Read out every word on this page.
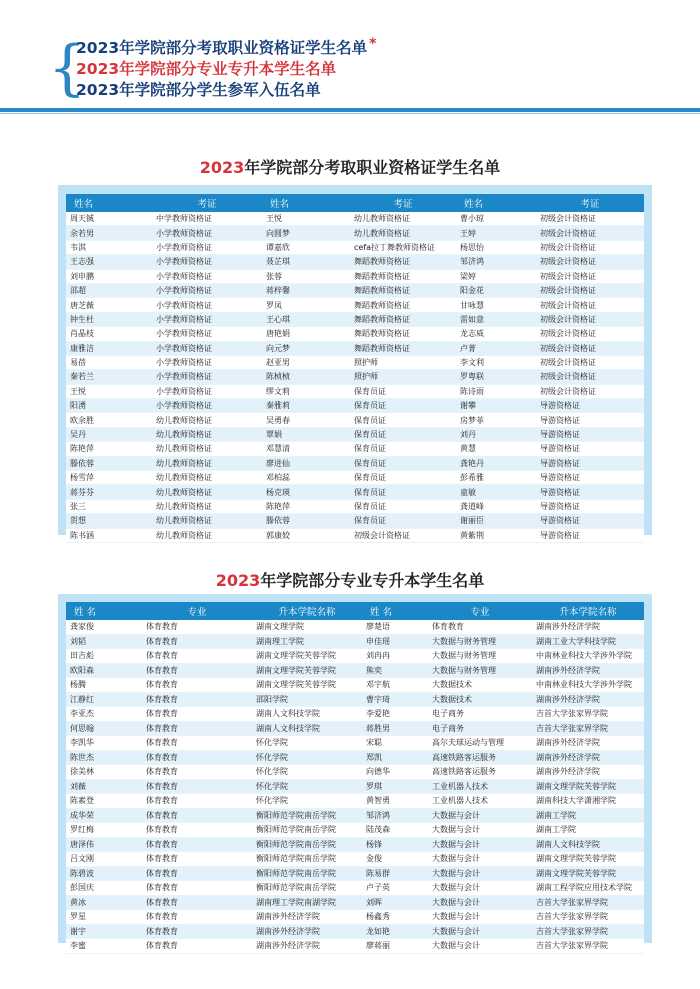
{
2023年学院部分考取职业资格证学生名单 *
2023年学院部分专业专升本学生名单
2023年学院部分学生参军入伍名单
2023年学院部分考取职业资格证学生名单
姓名	考证	姓名	考证	姓名	考证
周天铖	中学教师资格证	王悦	幼儿教师资格证	曹小琼	初级会计资格证
余若男	小学教师资格证	向圆梦	幼儿教师资格证	王婷	初级会计资格证
韦淇	小学教师资格证	谭嘉欣	cefa拉丁舞教师资格证	杨思怡	初级会计资格证
王志强	小学教师资格证	聂芷琪	舞蹈教师资格证	邹济鸿	初级会计资格证
刘申鹏	小学教师资格证	张蓉	舞蹈教师资格证	梁婷	初级会计资格证
邵超	小学教师资格证	蒋梓馨	舞蹈教师资格证	阳金花	初级会计资格证
唐芝薇	小学教师资格证	罗凤	舞蹈教师资格证	甘咏慧	初级会计资格证
钟生杜	小学教师资格证	王心琪	舞蹈教师资格证	雷如意	初级会计资格证
肖晶枝	小学教师资格证	唐艳娟	舞蹈教师资格证	龙志威	初级会计资格证
康雅洁	小学教师资格证	向元梦	舞蹈教师资格证	卢菁	初级会计资格证
易蓓	小学教师资格证	赵亚男	照护师	李文利	初级会计资格证
秦若兰	小学教师资格证	陈桢桢	照护师	罗粤联	初级会计资格证
王悦	小学教师资格证	缪文莉	保育员证	陈诗雨	初级会计资格证
阳湧	小学教师资格证	秦雅莉	保育员证	谢攀	导游资格证
欧余胜	幼儿教师资格证	吴勇春	保育员证	房梦菲	导游资格证
吴丹	幼儿教师资格证	覃娟	保育员证	刘丹	导游资格证
陈艳萍	幼儿教师资格证	邓慧清	保育员证	黄慧	导游资格证
滕依蓉	幼儿教师资格证	廖进仙	保育员证	龚艳丹	导游资格证
杨雪萍	幼儿教师资格证	邓柏蕊	保育员证	彭希雅	导游资格证
蒋芬芬	幼儿教师资格证	杨克瑛	保育员证	童敏	导游资格证
张三	幼儿教师资格证	陈艳萍	保育员证	龚道峰	导游资格证
贺想	幼儿教师资格证	滕依蓉	保育员证	谢丽臣	导游资格证
陈书涵	幼儿教师资格证	郭康姣	初级会计资格证	黄紫荆	导游资格证
2023年学院部分专业专升本学生名单
姓 名	专业	升本学院名称	姓 名	专业	升本学院名称
龚家俊	体育教育	湖南文理学院	廖楚语	体育教育	湖南涉外经济学院
刘韬	体育教育	湖南理工学院	申佳瑶	大数据与财务管理	湖南工业大学科技学院
田吉彪	体育教育	湖南文理学院芙蓉学院	刘冉冉	大数据与财务管理	中南林业科技大学涉外学院
欧阳森	体育教育	湖南文理学院芙蓉学院	熊奕	大数据与财务管理	湖南涉外经济学院
杨腾	体育教育	湖南文理学院芙蓉学院	邓宇航	大数据技术	中南林业科技大学涉外学院
江静红	体育教育	邵阳学院	曹宇琦	大数据技术	湖南涉外经济学院
李亚杰	体育教育	湖南人文科技学院	李爱艳	电子商务	吉首大学张家界学院
何思翰	体育教育	湖南人文科技学院	蒋胜男	电子商务	吉首大学张家界学院
李凯华	体育教育	怀化学院	宋聪	高尔夫球运动与管理	湖南涉外经济学院
陈世杰	体育教育	怀化学院	郑凯	高速铁路客运服务	湖南涉外经济学院
徐美林	体育教育	怀化学院	向德华	高速铁路客运服务	湖南涉外经济学院
刘薇	体育教育	怀化学院	罗琪	工业机器人技术	湖南文理学院芙蓉学院
陈素登	体育教育	怀化学院	黄智勇	工业机器人技术	湖南科技大学潇湘学院
成华荣	体育教育	衡阳师范学院南岳学院	邹济鸿	大数据与会计	湖南工学院
罗红梅	体育教育	衡阳师范学院南岳学院	陆茂森	大数据与会计	湖南工学院
唐泽伟	体育教育	衡阳师范学院南岳学院	杨锋	大数据与会计	湖南人文科技学院
吕文刚	体育教育	衡阳师范学院南岳学院	金俊	大数据与会计	湖南文理学院芙蓉学院
陈碧波	体育教育	衡阳师范学院南岳学院	陈易群	大数据与会计	湖南文理学院芙蓉学院
彭国庆	体育教育	衡阳师范学院南岳学院	卢子英	大数据与会计	湖南工程学院应用技术学院
黄冰	体育教育	湖南理工学院南湖学院	刘晖	大数据与会计	吉首大学张家界学院
罗星	体育教育	湖南涉外经济学院	杨鑫秀	大数据与会计	吉首大学张家界学院
谢宇	体育教育	湖南涉外经济学院	龙如艳	大数据与会计	吉首大学张家界学院
李蜜	体育教育	湖南涉外经济学院	廖蒋丽	大数据与会计	吉首大学张家界学院
